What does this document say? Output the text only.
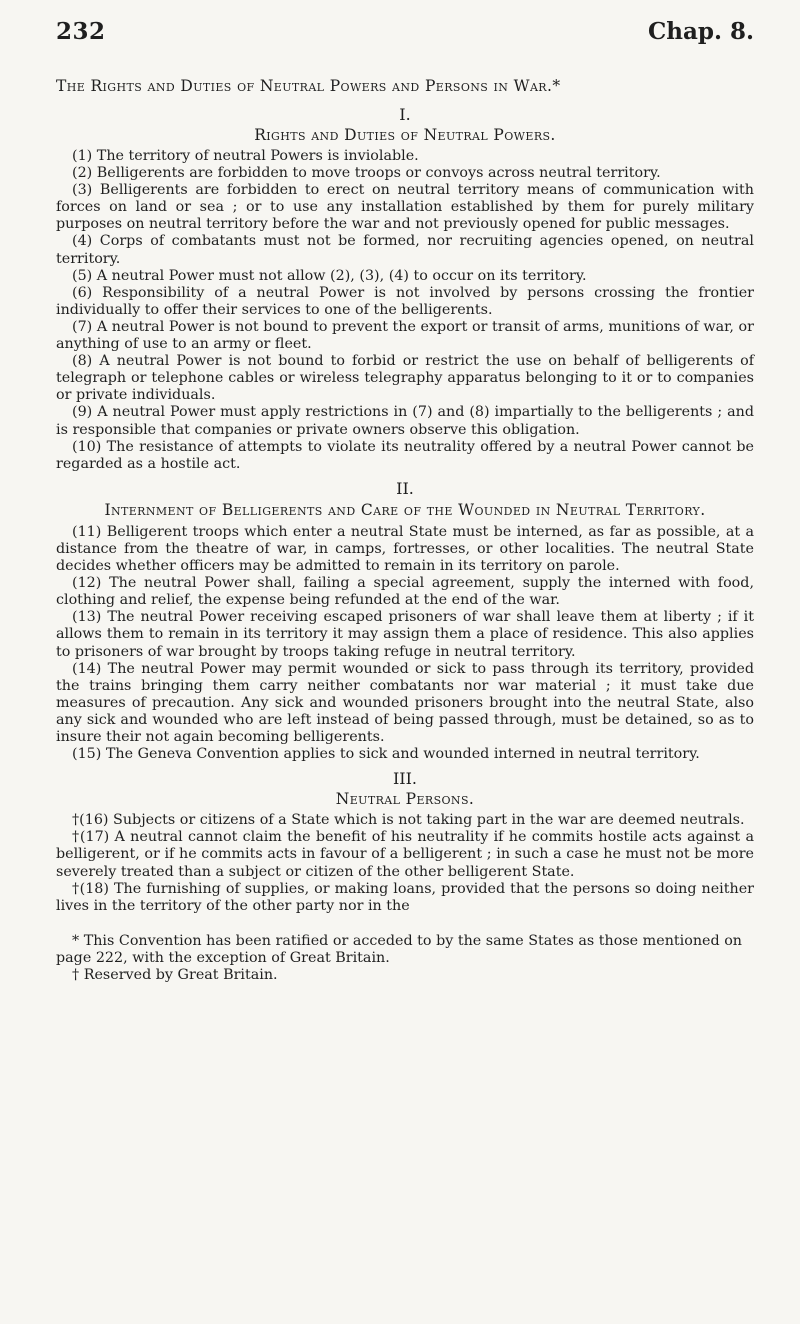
232	Chap. 8.
The Rights and Duties of Neutral Powers and Persons in War.*
I.
Rights and Duties of Neutral Powers.

(1) The territory of neutral Powers is inviolable.

(2) Belligerents are forbidden to move troops or convoys across neutral territory.

(3) Belligerents are forbidden to erect on neutral territory means of communication with forces on land or sea ; or to use any installation established by them for purely military purposes on neutral territory before the war and not previously opened for public messages.

(4) Corps of combatants must not be formed, nor recruiting agencies opened, on neutral territory.

(5) A neutral Power must not allow (2), (3), (4) to occur on its territory.

(6) Responsibility of a neutral Power is not involved by persons crossing the frontier individually to offer their services to one of the belligerents.

(7) A neutral Power is not bound to prevent the export or transit of arms, munitions of war, or anything of use to an army or fleet.

(8) A neutral Power is not bound to forbid or restrict the use on behalf of belligerents of telegraph or telephone cables or wireless telegraphy apparatus belonging to it or to companies or private individuals.

(9) A neutral Power must apply restrictions in (7) and (8) impartially to the belligerents ; and is responsible that companies or private owners observe this obligation.

(10) The resistance of attempts to violate its neutrality offered by a neutral Power cannot be regarded as a hostile act.

II.
Internment of Belligerents and Care of the Wounded in Neutral Territory.

(11) Belligerent troops which enter a neutral State must be interned, as far as possible, at a distance from the theatre of war, in camps, fortresses, or other localities. The neutral State decides whether officers may be admitted to remain in its territory on parole.

(12) The neutral Power shall, failing a special agreement, supply the interned with food, clothing and relief, the expense being refunded at the end of the war.

(13) The neutral Power receiving escaped prisoners of war shall leave them at liberty ; if it allows them to remain in its territory it may assign them a place of residence. This also applies to prisoners of war brought by troops taking refuge in neutral territory.

(14) The neutral Power may permit wounded or sick to pass through its territory, provided the trains bringing them carry neither combatants nor war material ; it must take due measures of precaution. Any sick and wounded prisoners brought into the neutral State, also any sick and wounded who are left instead of being passed through, must be detained, so as to insure their not again becoming belligerents.

(15) The Geneva Convention applies to sick and wounded interned in neutral territory.

III.
Neutral Persons.

†(16) Subjects or citizens of a State which is not taking part in the war are deemed neutrals.

†(17) A neutral cannot claim the benefit of his neutrality if he commits hostile acts against a belligerent, or if he commits acts in favour of a belligerent ; in such a case he must not be more severely treated than a subject or citizen of the other belligerent State.

†(18) The furnishing of supplies, or making loans, provided that the persons so doing neither lives in the territory of the other party nor in the

* This Convention has been ratified or acceded to by the same States as those mentioned on page 222, with the exception of Great Britain.

† Reserved by Great Britain.
